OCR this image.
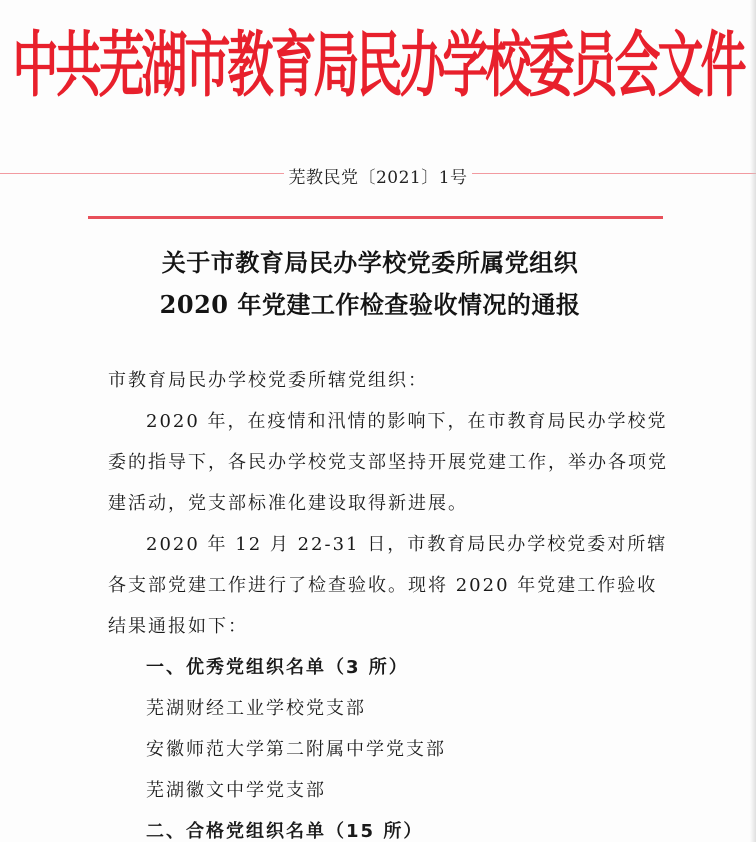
中共芜湖市教育局民办学校委员会文件
芜教民党〔2021〕1号
关于市教育局民办学校党委所属党组织
2020 年党建工作检查验收情况的通报

市教育局民办学校党委所辖党组织：

2020 年，在疫情和汛情的影响下，在市教育局民办学校党委的指导下，各民办学校党支部坚持开展党建工作，举办各项党建活动，党支部标准化建设取得新进展。

2020 年 12 月 22-31 日，市教育局民办学校党委对所辖各支部党建工作进行了检查验收。现将 2020 年党建工作验收结果通报如下：

一、优秀党组织名单（3 所）

芜湖财经工业学校党支部

安徽师范大学第二附属中学党支部

芜湖徽文中学党支部

二、合格党组织名单（15 所）
